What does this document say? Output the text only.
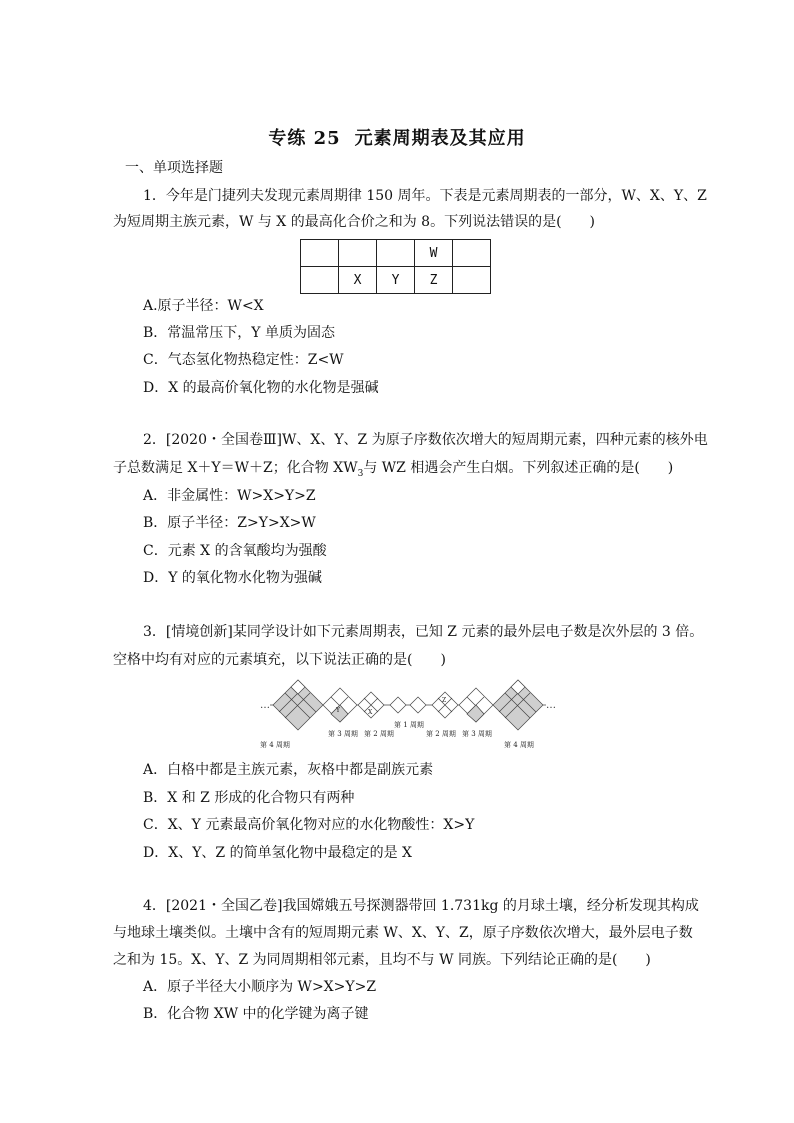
专练 25 元素周期表及其应用
一、单项选择题
1．今年是门捷列夫发现元素周期律 150 周年。下表是元素周期表的一部分，W、X、Y、Z
为短周期主族元素，W 与 X 的最高化合价之和为 8。下列说法错误的是(　　)
			W	
	X	Y	Z	
A.原子半径：W<X
B．常温常压下，Y 单质为固态
C．气态氢化物热稳定性：Z<W
D．X 的最高价氧化物的水化物是强碱
2．[2020・全国卷Ⅲ]W、X、Y、Z 为原子序数依次增大的短周期元素，四种元素的核外电
子总数满足 X＋Y＝W＋Z；化合物 $XW_3$与 WZ 相遇会产生白烟。下列叙述正确的是(　　)
A．非金属性：W>X>Y>Z
B．原子半径：Z>Y>X>W
C．元素 X 的含氧酸均为强酸
D．Y 的氧化物水化物为强碱
3．[情境创新]某同学设计如下元素周期表，已知 Z 元素的最外层电子数是次外层的 3 倍。
空格中均有对应的元素填充，以下说法正确的是(　　)
…	…
Y	X
Z
第 1 周期
第 3 周期 第 2 周期	第 2 周期 第 3 周期
第 4 周期	第 4 周期
A．白格中都是主族元素，灰格中都是副族元素
B．X 和 Z 形成的化合物只有两种
C．X、Y 元素最高价氧化物对应的水化物酸性：X>Y
D．X、Y、Z 的简单氢化物中最稳定的是 X
4．[2021・全国乙卷]我国嫦娥五号探测器带回 1.731kg 的月球土壤，经分析发现其构成
与地球土壤类似。土壤中含有的短周期元素 W、X、Y、Z，原子序数依次增大，最外层电子数
之和为 15。X、Y、Z 为同周期相邻元素，且均不与 W 同族。下列结论正确的是(　　)
A．原子半径大小顺序为 W>X>Y>Z
B．化合物 XW 中的化学键为离子键
